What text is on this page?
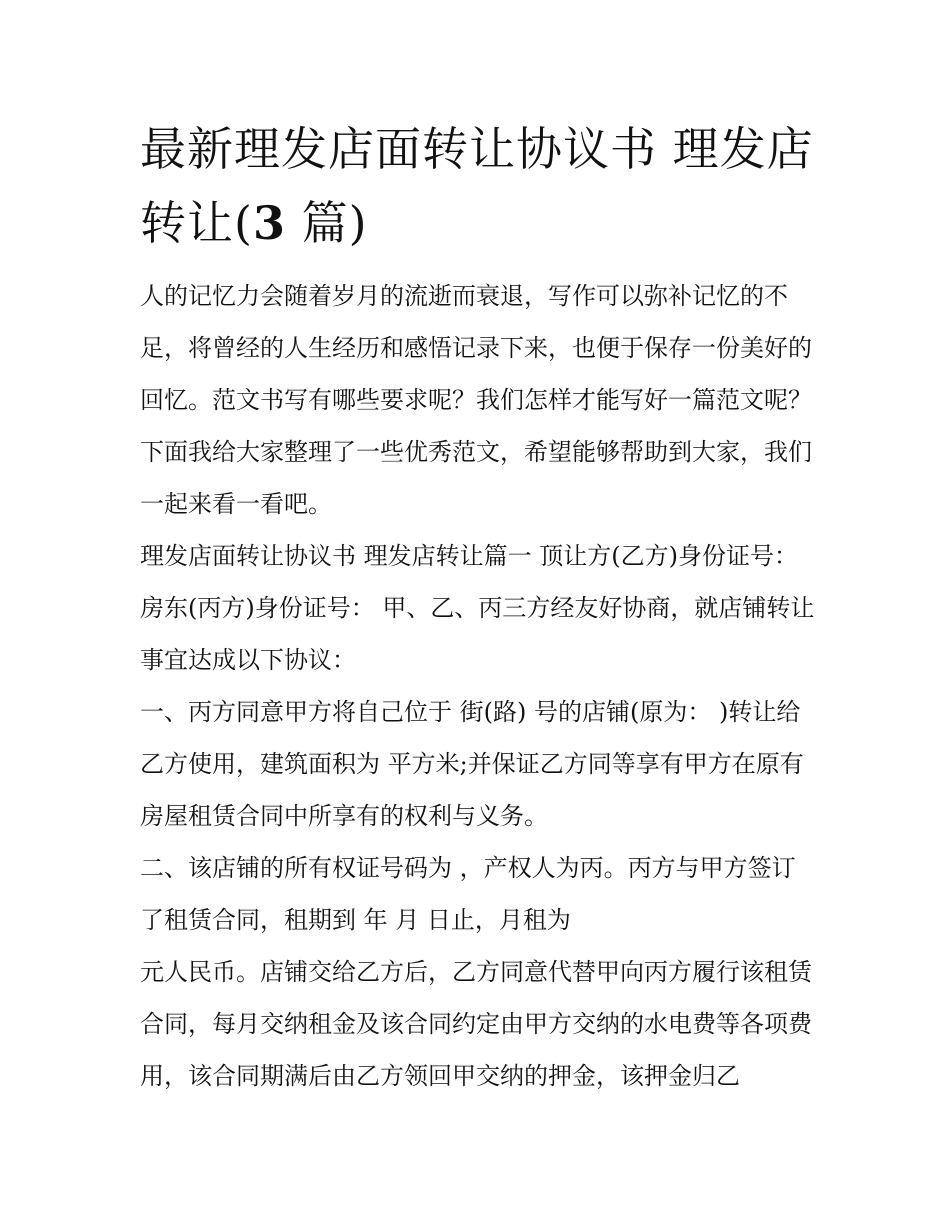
最新理发店面转让协议书 理发店转让(3 篇)

人的记忆力会随着岁月的流逝而衰退，写作可以弥补记忆的不足，将曾经的人生经历和感悟记录下来，也便于保存一份美好的回忆。范文书写有哪些要求呢？我们怎样才能写好一篇范文呢？下面我给大家整理了一些优秀范文，希望能够帮助到大家，我们一起来看一看吧。

理发店面转让协议书 理发店转让篇一 顶让方(乙方)身份证号： 房东(丙方)身份证号： 甲、乙、丙三方经友好协商，就店铺转让事宜达成以下协议：

一、丙方同意甲方将自己位于 街(路) 号的店铺(原为： )转让给乙方使用，建筑面积为 平方米;并保证乙方同等享有甲方在原有房屋租赁合同中所享有的权利与义务。

二、该店铺的所有权证号码为 ，产权人为丙。丙方与甲方签订了租赁合同，租期到 年 月 日止，月租为

元人民币。店铺交给乙方后，乙方同意代替甲向丙方履行该租赁合同，每月交纳租金及该合同约定由甲方交纳的水电费等各项费用，该合同期满后由乙方领回甲交纳的押金，该押金归乙
